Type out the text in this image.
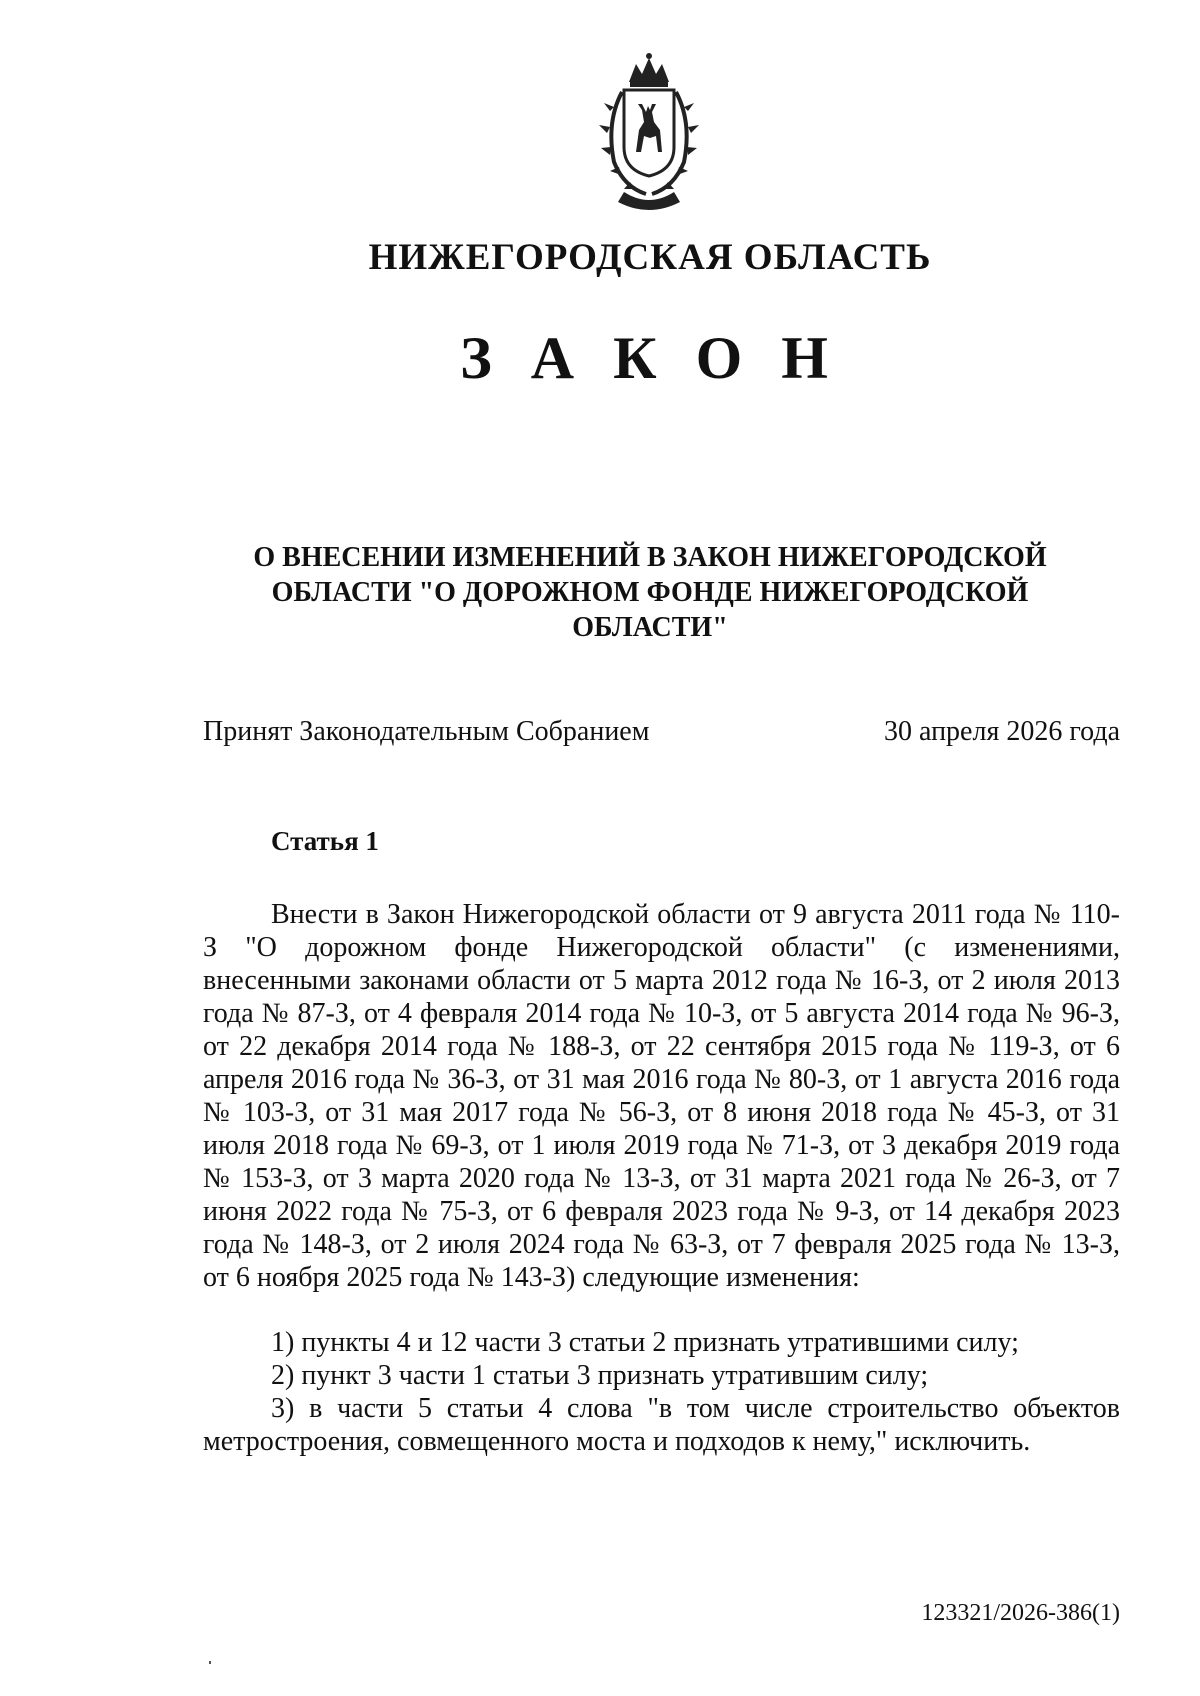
НИЖЕГОРОДСКАЯ ОБЛАСТЬ
З А К О Н
О ВНЕСЕНИИ ИЗМЕНЕНИЙ В ЗАКОН НИЖЕГОРОДСКОЙ ОБЛАСТИ "О ДОРОЖНОМ ФОНДЕ НИЖЕГОРОДСКОЙ ОБЛАСТИ"
Принят Законодательным Собранием	30 апреля 2026 года
Статья 1

Внести в Закон Нижегородской области от 9 августа 2011 года № 110-З "О дорожном фонде Нижегородской области" (с изменениями, внесенными законами области от 5 марта 2012 года № 16-З, от 2 июля 2013 года № 87-З, от 4 февраля 2014 года № 10-З, от 5 августа 2014 года № 96-З, от 22 декабря 2014 года № 188-З, от 22 сентября 2015 года № 119-З, от 6 апреля 2016 года № 36-З, от 31 мая 2016 года № 80-З, от 1 августа 2016 года № 103-З, от 31 мая 2017 года № 56-З, от 8 июня 2018 года № 45-З, от 31 июля 2018 года № 69-З, от 1 июля 2019 года № 71-З, от 3 декабря 2019 года № 153-З, от 3 марта 2020 года № 13-З, от 31 марта 2021 года № 26-З, от 7 июня 2022 года № 75-З, от 6 февраля 2023 года № 9-З, от 14 декабря 2023 года № 148-З, от 2 июля 2024 года № 63-З, от 7 февраля 2025 года № 13-З, от 6 ноября 2025 года № 143-З) следующие изменения:

1) пункты 4 и 12 части 3 статьи 2 признать утратившими силу;

2) пункт 3 части 1 статьи 3 признать утратившим силу;

3) в части 5 статьи 4 слова "в том числе строительство объектов метростроения, совмещенного моста и подходов к нему," исключить.

123321/2026-386(1)
